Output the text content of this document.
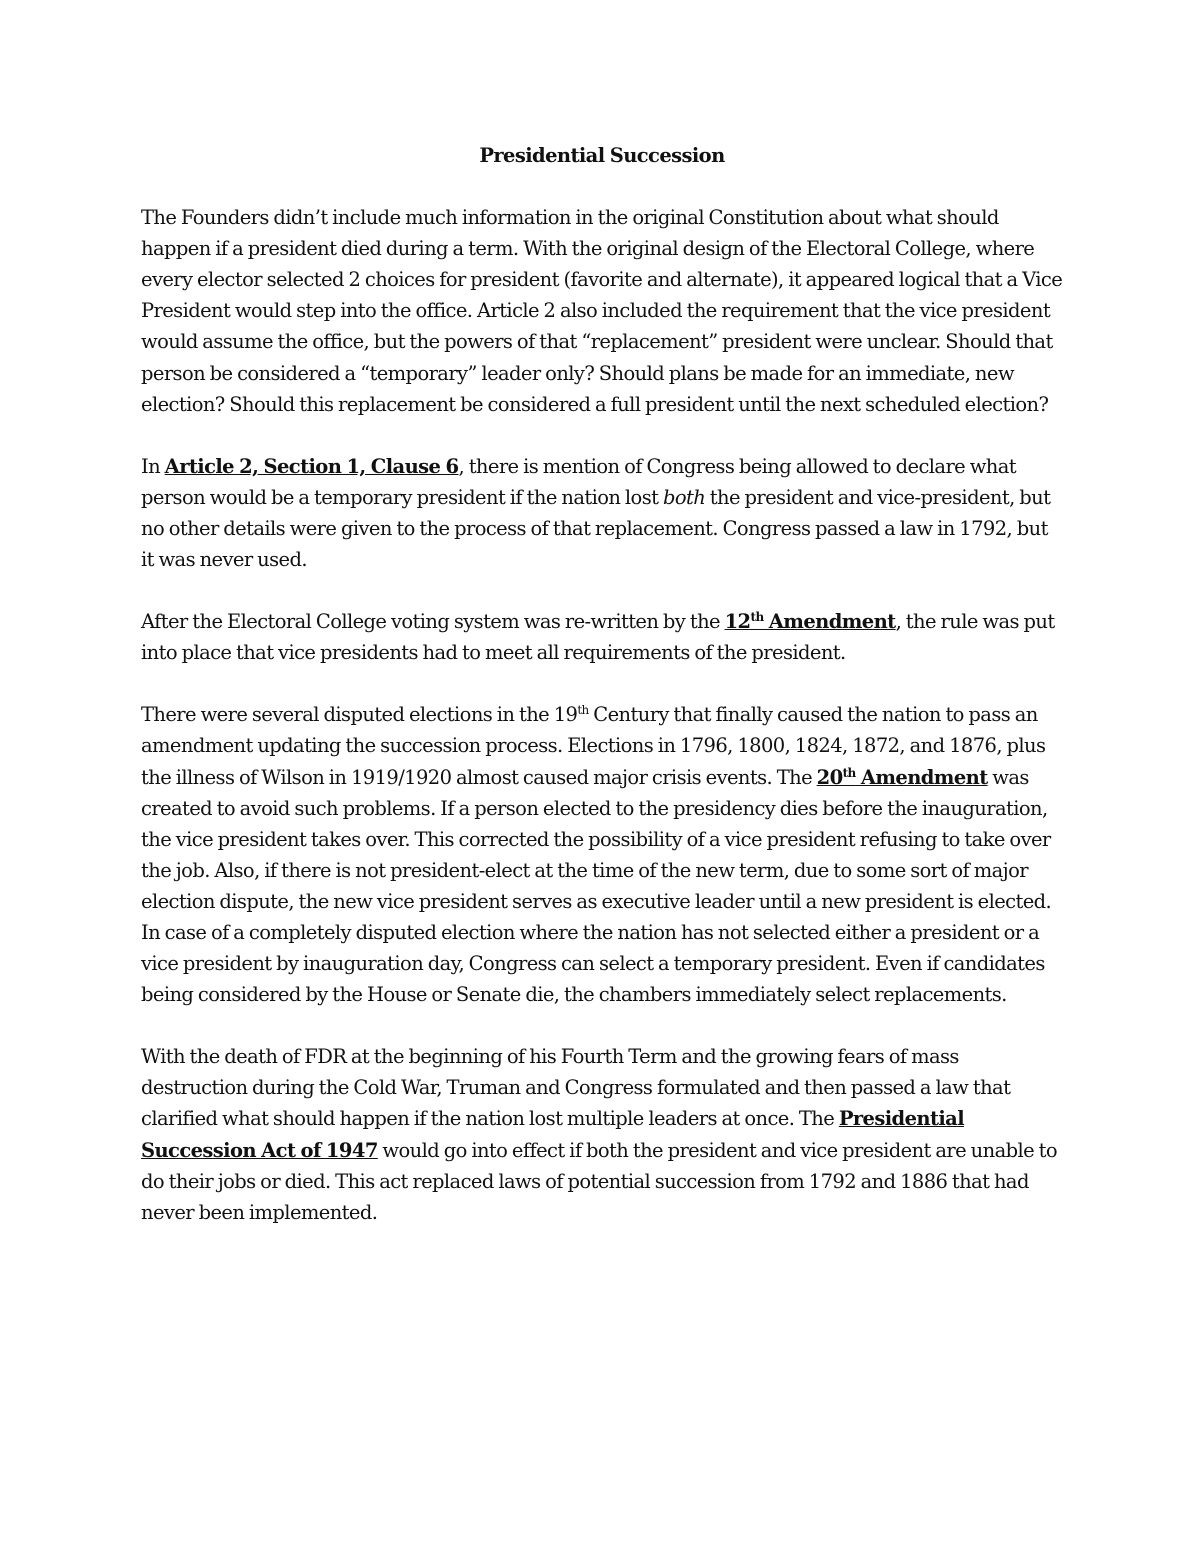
Presidential Succession
The Founders didn’t include much information in the original Constitution about what should happen if a president died during a term. With the original design of the Electoral College, where every elector selected 2 choices for president (favorite and alternate), it appeared logical that a Vice President would step into the office. Article 2 also included the requirement that the vice president would assume the office, but the powers of that “replacement” president were unclear. Should that person be considered a “temporary” leader only? Should plans be made for an immediate, new election? Should this replacement be considered a full president until the next scheduled election?
In Article 2, Section 1, Clause 6, there is mention of Congress being allowed to declare what person would be a temporary president if the nation lost both the president and vice-president, but no other details were given to the process of that replacement. Congress passed a law in 1792, but it was never used.
After the Electoral College voting system was re-written by the 12th Amendment, the rule was put into place that vice presidents had to meet all requirements of the president.
There were several disputed elections in the 19th Century that finally caused the nation to pass an amendment updating the succession process. Elections in 1796, 1800, 1824, 1872, and 1876, plus the illness of Wilson in 1919/1920 almost caused major crisis events. The 20th Amendment was created to avoid such problems. If a person elected to the presidency dies before the inauguration, the vice president takes over. This corrected the possibility of a vice president refusing to take over the job. Also, if there is not president-elect at the time of the new term, due to some sort of major election dispute, the new vice president serves as executive leader until a new president is elected. In case of a completely disputed election where the nation has not selected either a president or a vice president by inauguration day, Congress can select a temporary president. Even if candidates being considered by the House or Senate die, the chambers immediately select replacements.
With the death of FDR at the beginning of his Fourth Term and the growing fears of mass destruction during the Cold War, Truman and Congress formulated and then passed a law that clarified what should happen if the nation lost multiple leaders at once. The Presidential Succession Act of 1947 would go into effect if both the president and vice president are unable to do their jobs or died. This act replaced laws of potential succession from 1792 and 1886 that had never been implemented.
